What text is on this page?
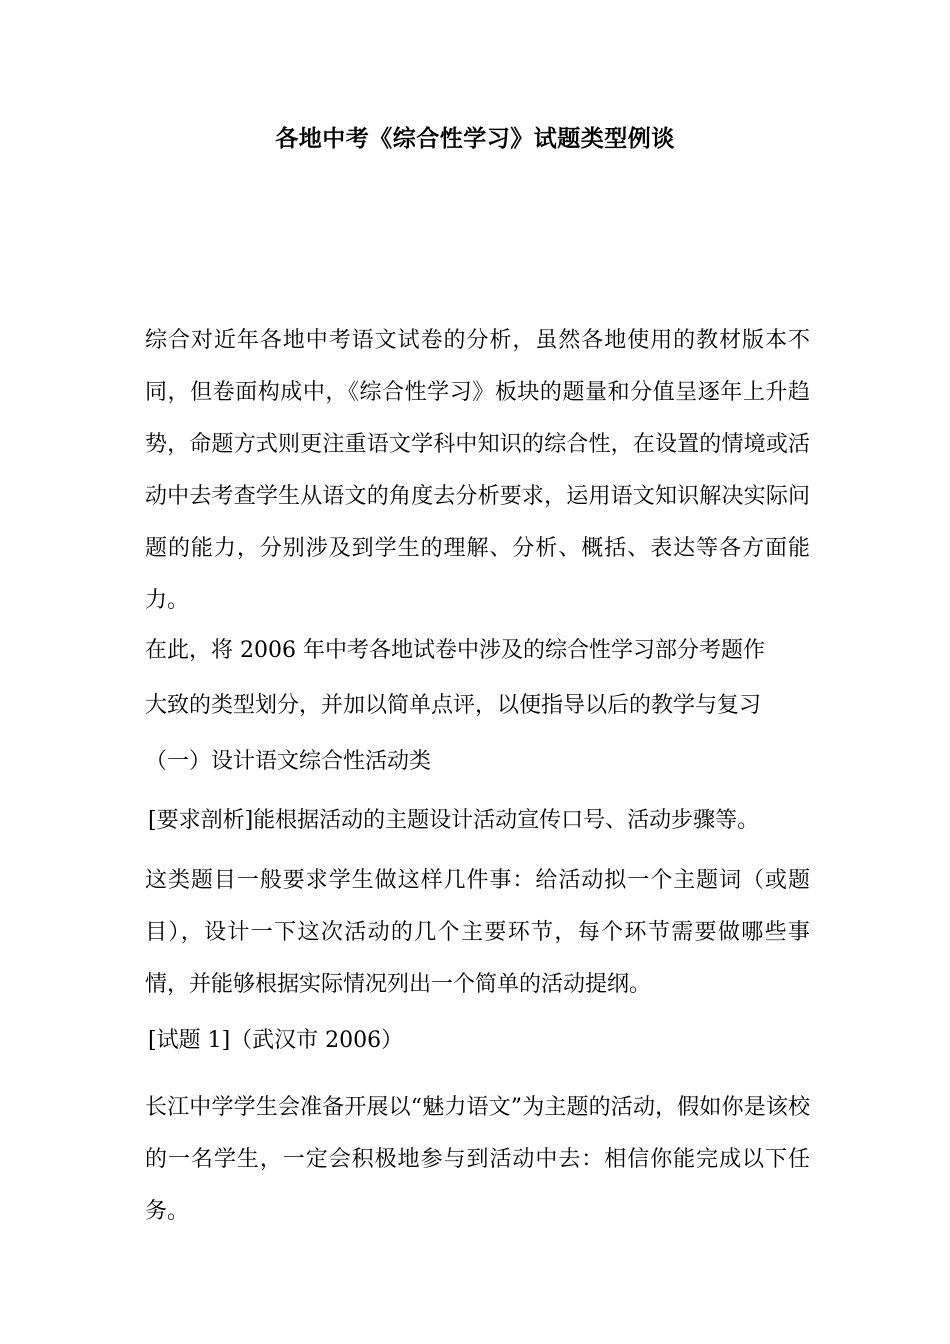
各地中考《综合性学习》试题类型例谈
综合对近年各地中考语文试卷的分析，虽然各地使用的教材版本不同，但卷面构成中，《综合性学习》板块的题量和分值呈逐年上升趋势，命题方式则更注重语文学科中知识的综合性，在设置的情境或活动中去考查学生从语文的角度去分析要求，运用语文知识解决实际问题的能力，分别涉及到学生的理解、分析、概括、表达等各方面能力。
在此，将 2006 年中考各地试卷中涉及的综合性学习部分考题作
大致的类型划分，并加以简单点评，以便指导以后的教学与复习
（一）设计语文综合性活动类
[要求剖析]能根据活动的主题设计活动宣传口号、活动步骤等。
这类题目一般要求学生做这样几件事：给活动拟一个主题词（或题目），设计一下这次活动的几个主要环节，每个环节需要做哪些事情，并能够根据实际情况列出一个简单的活动提纲。
[试题 1]（武汉市 2006）
长江中学学生会准备开展以“魅力语文”为主题的活动，假如你是该校的一名学生，一定会积极地参与到活动中去：相信你能完成以下任务。
